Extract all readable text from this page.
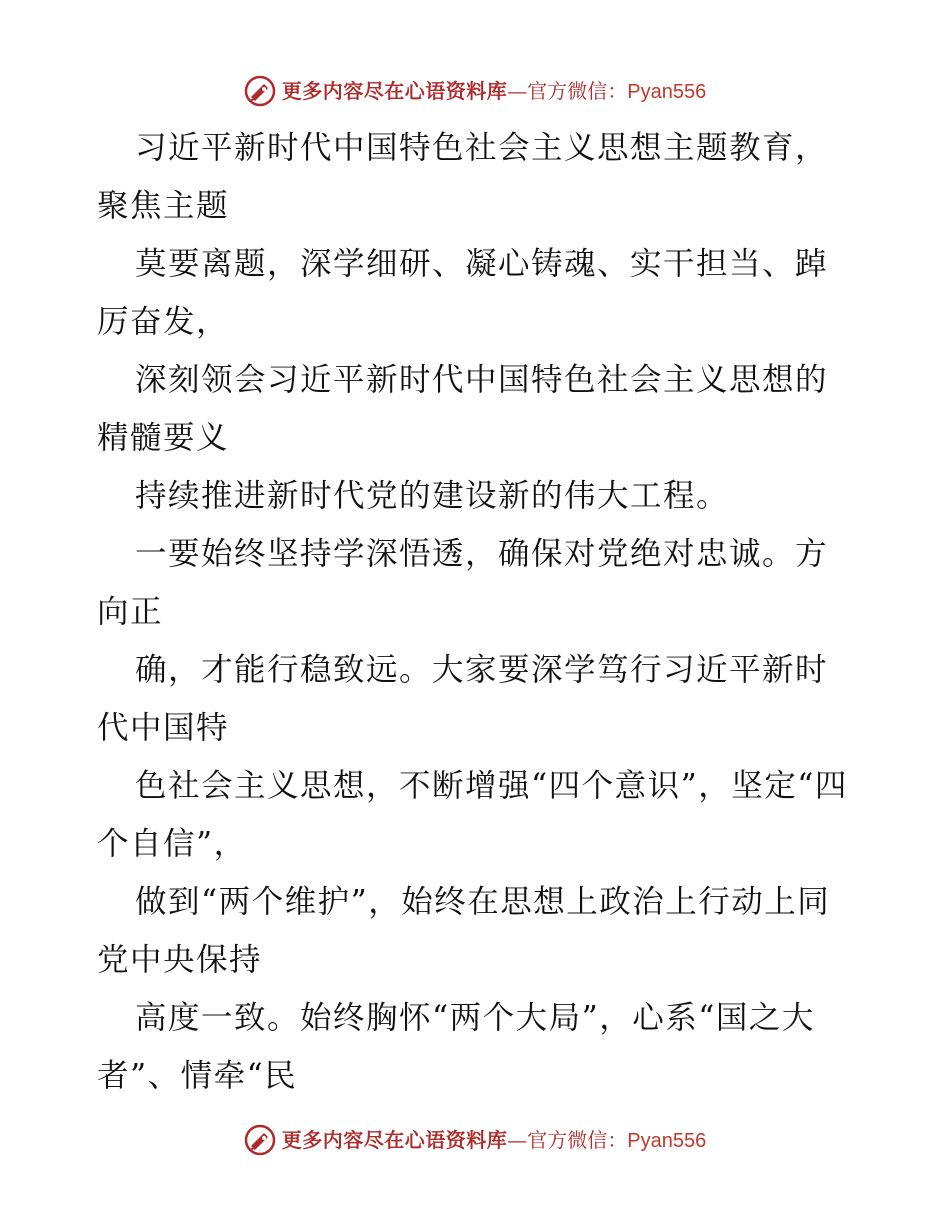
更多内容尽在心语资料库—官方微信：Pyan556

习近平新时代中国特色社会主义思想主题教育，聚焦主题

莫要离题，深学细研、凝心铸魂、实干担当、踔厉奋发，

深刻领会习近平新时代中国特色社会主义思想的精髓要义

持续推进新时代党的建设新的伟大工程。

一要始终坚持学深悟透，确保对党绝对忠诚。方向正

确，才能行稳致远。大家要深学笃行习近平新时代中国特

色社会主义思想，不断增强“四个意识”，坚定“四个自信”，

做到“两个维护”，始终在思想上政治上行动上同党中央保持

高度一致。始终胸怀“两个大局”，心系“国之大者”、情牵“民

更多内容尽在心语资料库—官方微信：Pyan556
